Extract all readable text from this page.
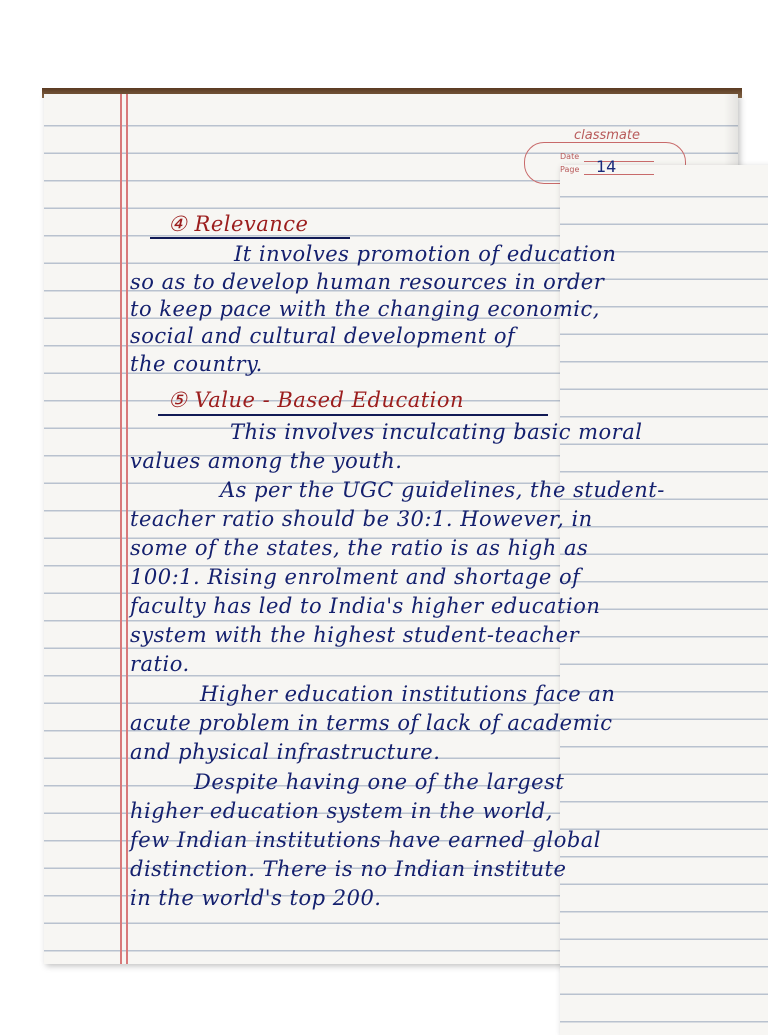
classmate
Date
Page	14
④ Relevance
It involves promotion of education
so as to develop human resources in order
to keep pace with the changing economic,
social and cultural development of
the country.
⑤ Value - Based Education
This involves inculcating basic moral
values among the youth.
As per the UGC guidelines, the student-
teacher ratio should be 30:1. However, in
some of the states, the ratio is as high as
100:1. Rising enrolment and shortage of
faculty has led to India's higher education
system with the highest student-teacher
ratio.
Higher education institutions face an
acute problem in terms of lack of academic
and physical infrastructure.
Despite having one of the largest
higher education system in the world,
few Indian institutions have earned global
distinction. There is no Indian institute
in the world's top 200.
